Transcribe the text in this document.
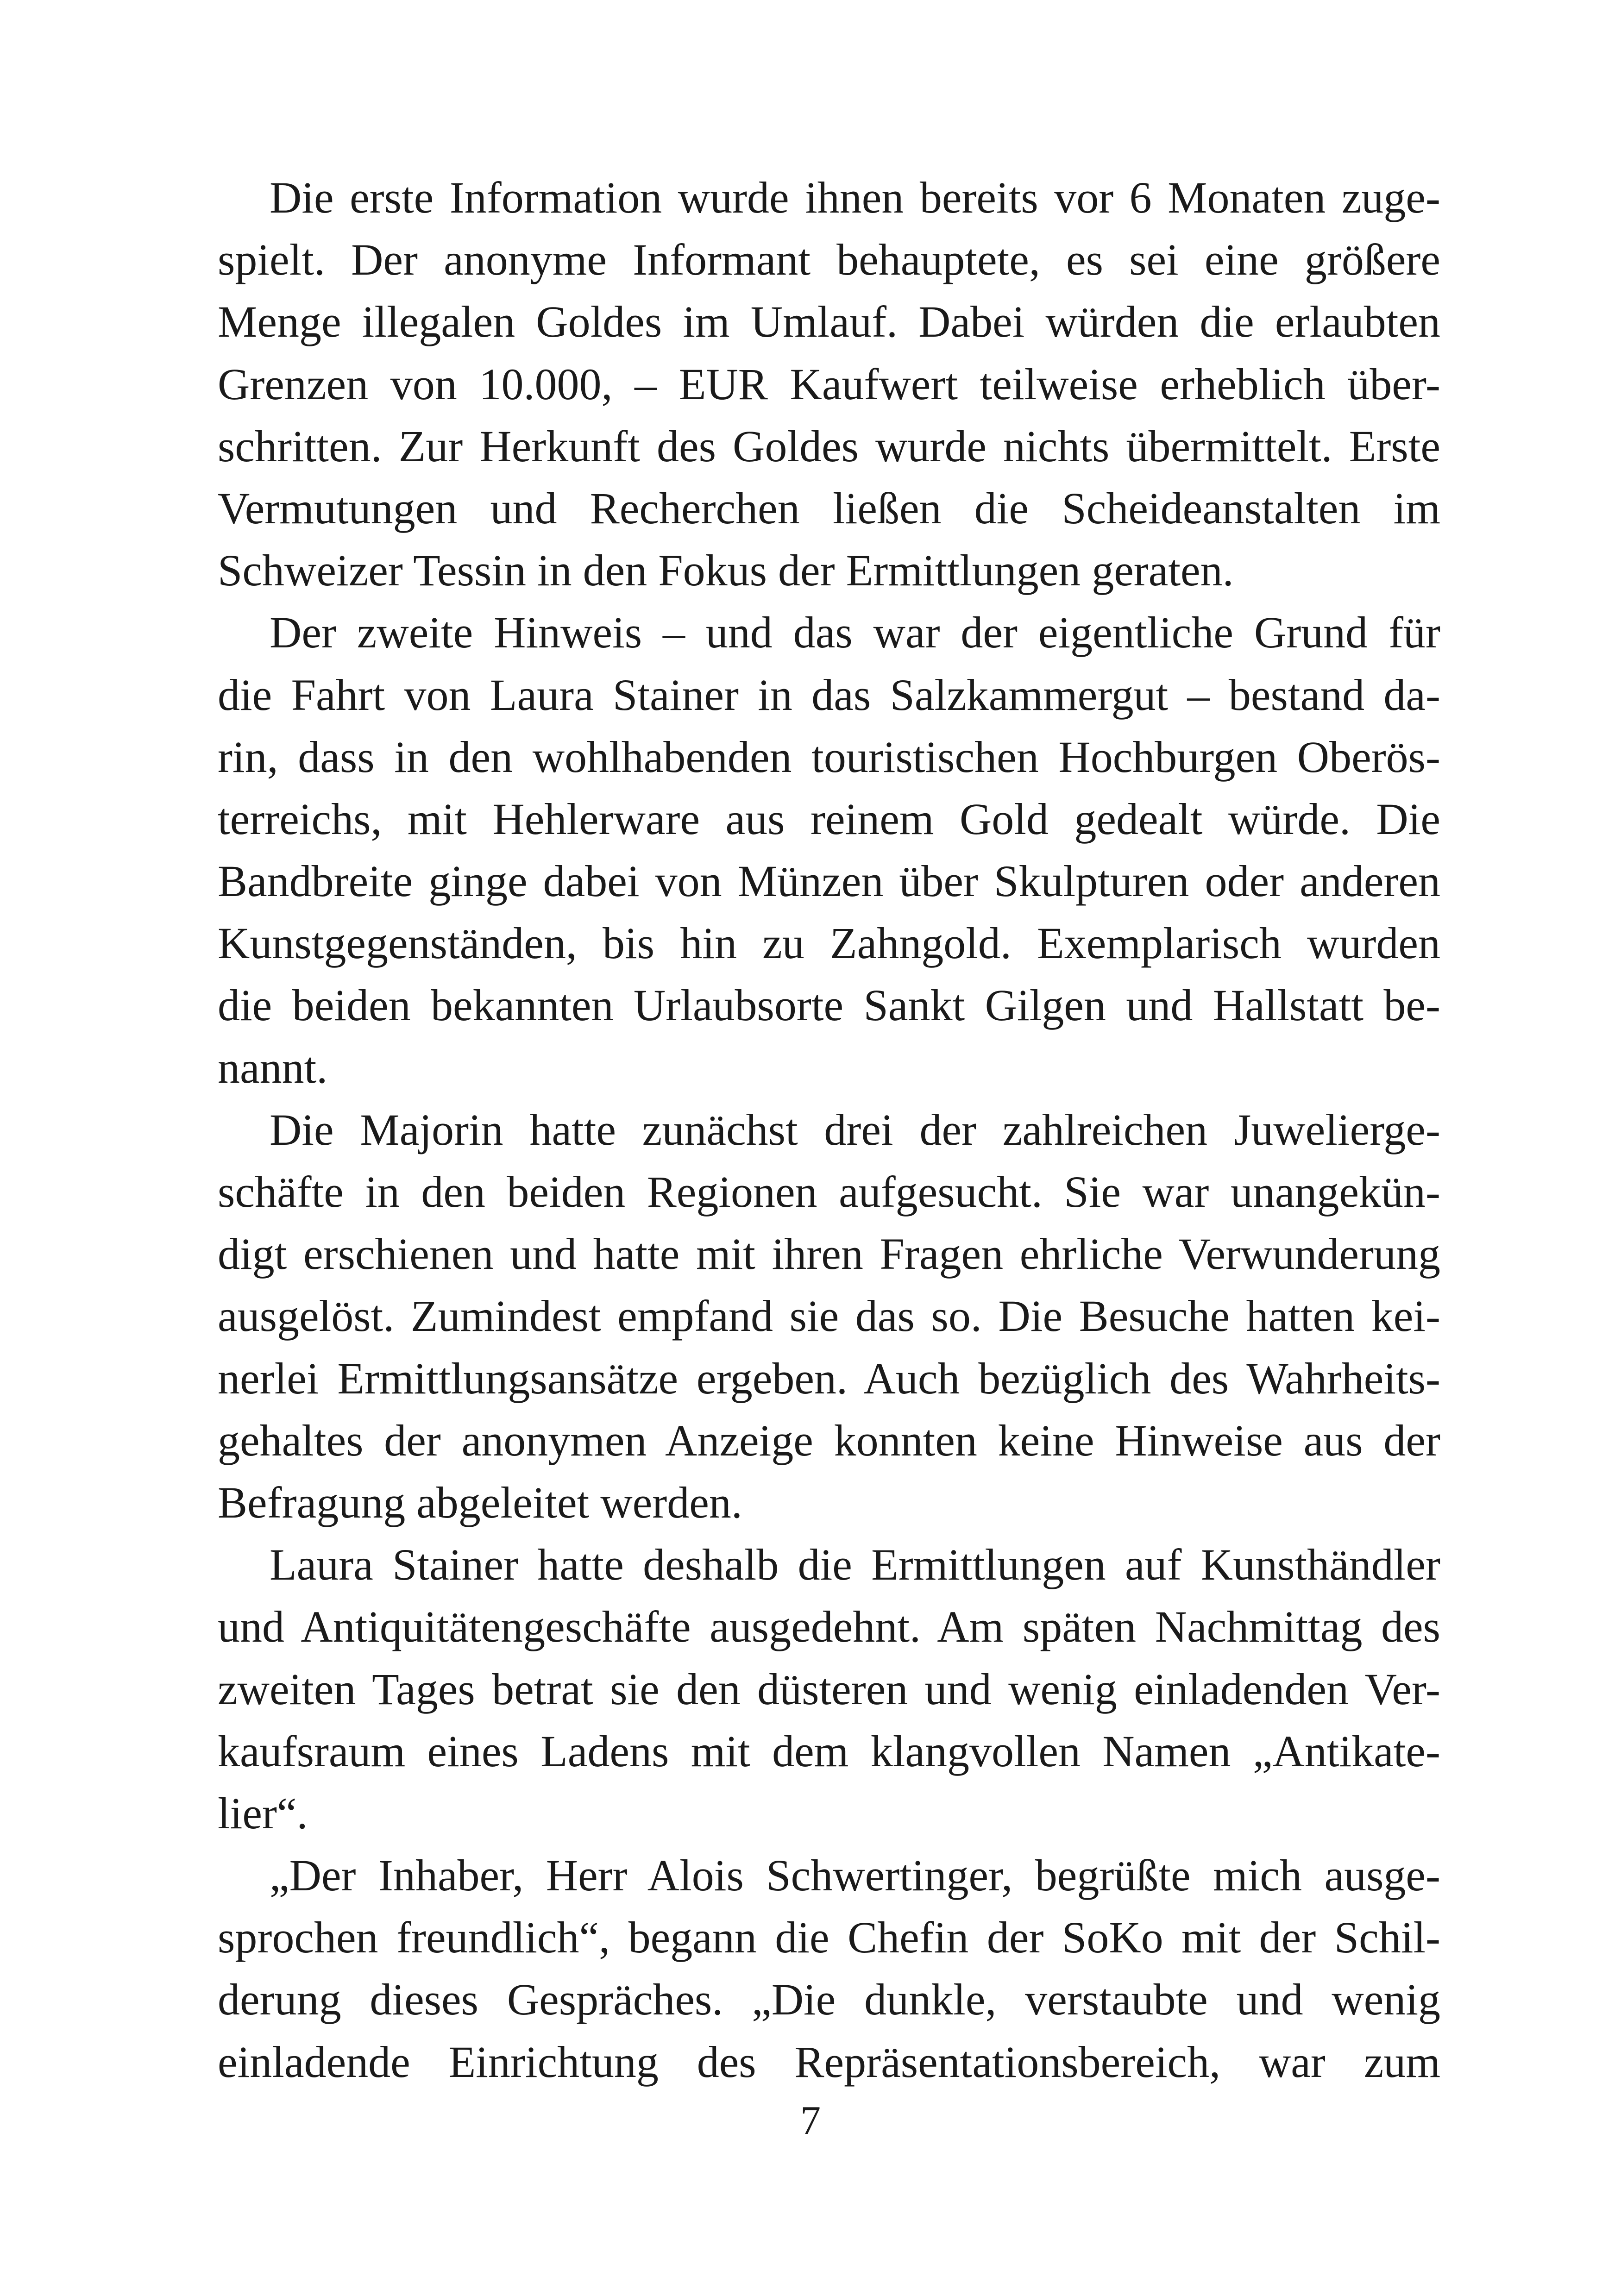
Die erste Information wurde ihnen bereits vor 6 Monaten zuge-
spielt. Der anonyme Informant behauptete, es sei eine größere
Menge illegalen Goldes im Umlauf. Dabei würden die erlaubten
Grenzen von 10.000, – EUR Kaufwert teilweise erheblich über-
schritten. Zur Herkunft des Goldes wurde nichts übermittelt. Erste
Vermutungen und Recherchen ließen die Scheideanstalten im
Schweizer Tessin in den Fokus der Ermittlungen geraten.
Der zweite Hinweis – und das war der eigentliche Grund für
die Fahrt von Laura Stainer in das Salzkammergut – bestand da-
rin, dass in den wohlhabenden touristischen Hochburgen Oberös-
terreichs, mit Hehlerware aus reinem Gold gedealt würde. Die
Bandbreite ginge dabei von Münzen über Skulpturen oder anderen
Kunstgegenständen, bis hin zu Zahngold. Exemplarisch wurden
die beiden bekannten Urlaubsorte Sankt Gilgen und Hallstatt be-
nannt.
Die Majorin hatte zunächst drei der zahlreichen Juweliergе-
schäfte in den beiden Regionen aufgesucht. Sie war unangekün-
digt erschienen und hatte mit ihren Fragen ehrliche Verwunderung
ausgelöst. Zumindest empfand sie das so. Die Besuche hatten kei-
nerlei Ermittlungsansätze ergeben. Auch bezüglich des Wahrheits-
gehaltes der anonymen Anzeige konnten keine Hinweise aus der
Befragung abgeleitet werden.
Laura Stainer hatte deshalb die Ermittlungen auf Kunsthändler
und Antiquitätengeschäfte ausgedehnt. Am späten Nachmittag des
zweiten Tages betrat sie den düsteren und wenig einladenden Ver-
kaufsraum eines Ladens mit dem klangvollen Namen „Antikate-
lier“.
„Der Inhaber, Herr Alois Schwertinger, begrüßte mich ausge-
sprochen freundlich“, begann die Chefin der SoKo mit der Schil-
derung dieses Gespräches. „Die dunkle, verstaubte und wenig
einladende Einrichtung des Repräsentationsbereich, war zum
7
